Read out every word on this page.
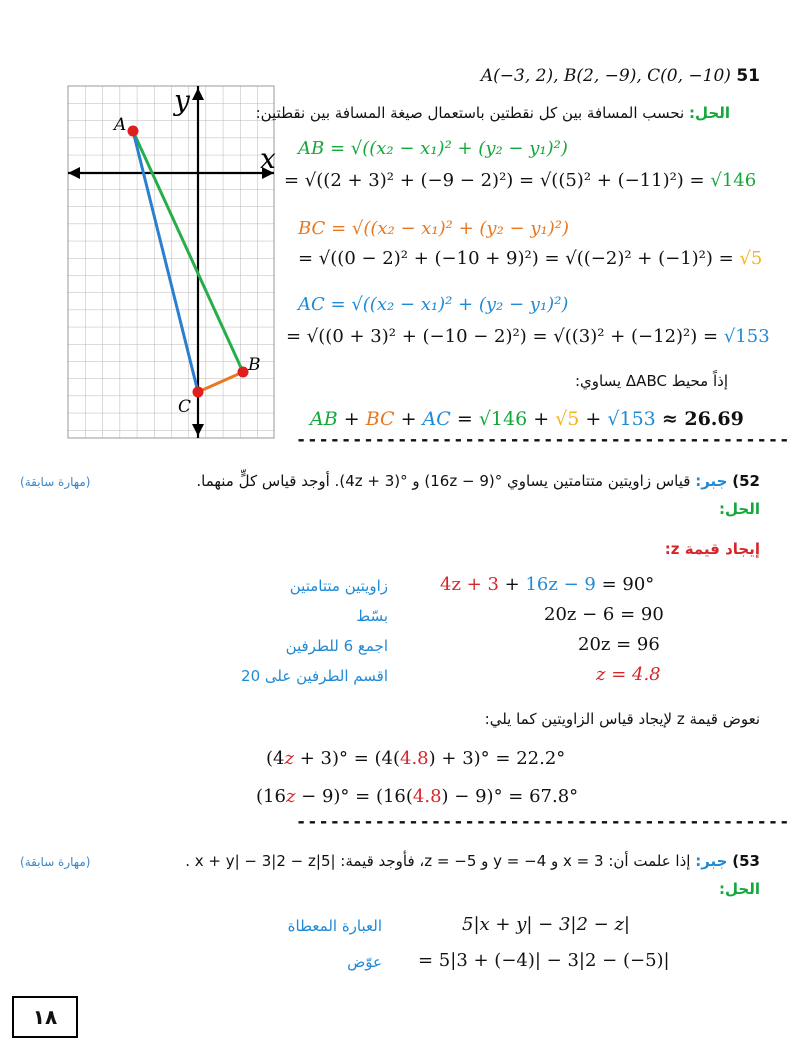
A
B
C
x
y
A(−3, 2), B(2, −9), C(0, −10) 51
الحل: نحسب المسافة بين كل نقطتين باستعمال صيغة المسافة بين نقطتين:
AB = √((x₂ − x₁)² + (y₂ − y₁)²)
= √((2 + 3)² + (−9 − 2)²) = √((5)² + (−11)²) = √146
BC = √((x₂ − x₁)² + (y₂ − y₁)²)
= √((0 − 2)² + (−10 + 9)²) = √((−2)² + (−1)²) = √5
AC = √((x₂ − x₁)² + (y₂ − y₁)²)
= √((0 + 3)² + (−10 − 2)²) = √((3)² + (−12)²) = √153
إذاً محيط ΔABC يساوي:
AB + BC + AC = √146 + √5 + √153 ≈ 26.69
--------------------------------------------
52) جبر: قياس زاويتين متتامتين يساوي °(16z − 9) و °(4z + 3). أوجد قياس كلٍّ منهما.
(مهارة سابقة)
الحل:
إيجاد قيمة z:
4z + 3 + 16z − 9 = 90°
زاويتين متتامتين
20z − 6 = 90
بسّط
20z = 96
اجمع 6 للطرفين
z = 4.8
اقسم الطرفين على 20
نعوض قيمة z لإيجاد قياس الزاويتين كما يلي:
(4z + 3)° = (4(4.8) + 3)° = 22.2°
(16z − 9)° = (16(4.8) − 9)° = 67.8°
--------------------------------------------
53) جبر: إذا علمت أن: x = 3 و y = −4 و z = −5، فأوجد قيمة: |x + y| − 3|2 − z|5 .
(مهارة سابقة)
الحل:
5|x + y| − 3|2 − z|
العبارة المعطاة
= 5|3 + (−4)| − 3|2 − (−5)|
عوّض
١٨
